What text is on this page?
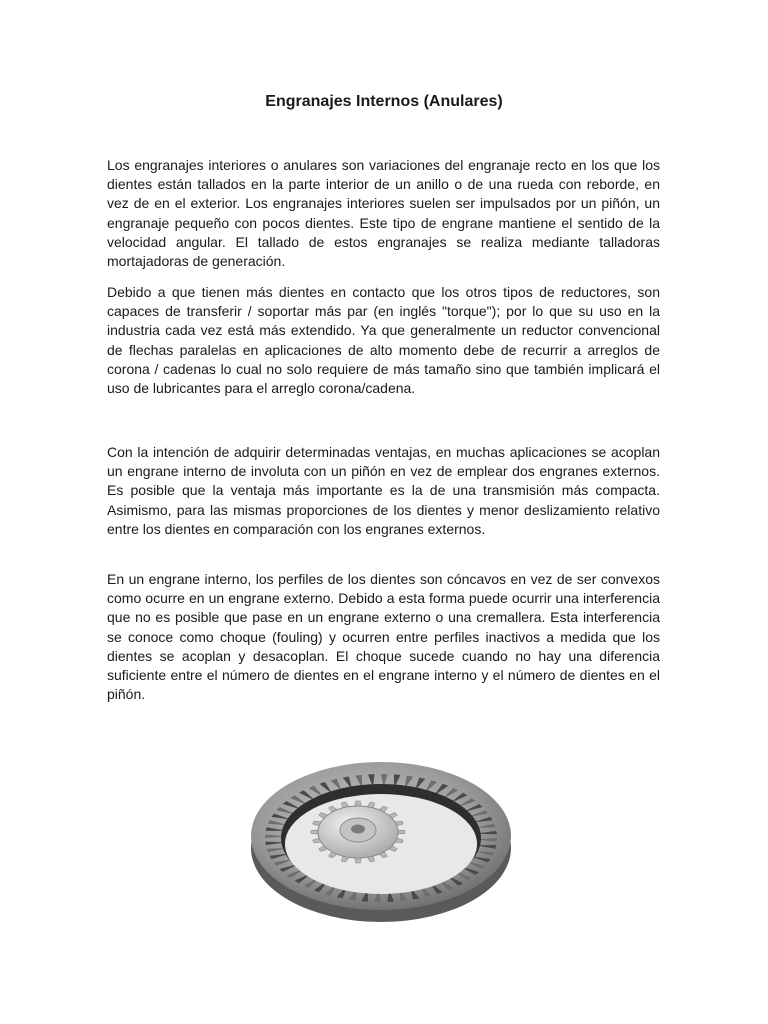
Engranajes Internos (Anulares)

Los engranajes interiores o anulares son variaciones del engranaje recto en los que los dientes están tallados en la parte interior de un anillo o de una rueda con reborde, en vez de en el exterior. Los engranajes interiores suelen ser impulsados por un piñón, un engranaje pequeño con pocos dientes. Este tipo de engrane mantiene el sentido de la velocidad angular. El tallado de estos engranajes se realiza mediante talladoras mortajadoras de generación.

Debido a que tienen más dientes en contacto que los otros tipos de reductores, son capaces de transferir / soportar más par (en inglés "torque"); por lo que su uso en la industria cada vez está más extendido. Ya que generalmente un reductor convencional de flechas paralelas en aplicaciones de alto momento debe de recurrir a arreglos de corona / cadenas lo cual no solo requiere de más tamaño sino que también implicará el uso de lubricantes para el arreglo corona/cadena.

Con la intención de adquirir determinadas ventajas, en muchas aplicaciones se acoplan un engrane interno de involuta con un piñón en vez de emplear dos engranes externos. Es posible que la ventaja más importante es la de una transmisión más compacta. Asimismo, para las mismas proporciones de los dientes y menor deslizamiento relativo entre los dientes en comparación con los engranes externos.

En un engrane interno, los perfiles de los dientes son cóncavos en vez de ser convexos como ocurre en un engrane externo. Debido a esta forma puede ocurrir una interferencia que no es posible que pase en un engrane externo o una cremallera. Esta interferencia se conoce como choque (fouling) y ocurren entre perfiles inactivos a medida que los dientes se acoplan y desacoplan. El choque sucede cuando no hay una diferencia suficiente entre el número de dientes en el engrane interno y el número de dientes en el piñón.
